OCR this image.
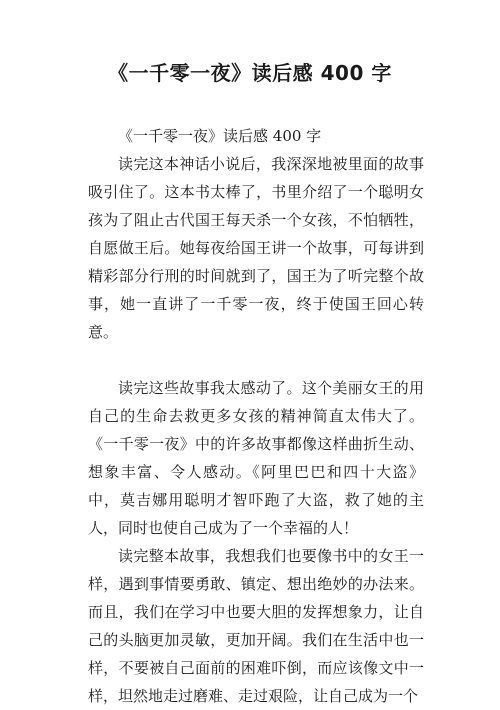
《一千零一夜》读后感 400 字

《一千零一夜》读后感 400 字

读完这本神话小说后，我深深地被里面的故事吸引住了。这本书太棒了，书里介绍了一个聪明女孩为了阻止古代国王每天杀一个女孩，不怕牺牲，自愿做王后。她每夜给国王讲一个故事，可每讲到精彩部分行刑的时间就到了，国王为了听完整个故事，她一直讲了一千零一夜，终于使国王回心转意。

读完这些故事我太感动了。这个美丽女王的用自己的生命去救更多女孩的精神简直太伟大了。《一千零一夜》中的许多故事都像这样曲折生动、想象丰富、令人感动。《阿里巴巴和四十大盗》中，莫吉娜用聪明才智吓跑了大盗，救了她的主人，同时也使自己成为了一个幸福的人！

读完整本故事，我想我们也要像书中的女王一样，遇到事情要勇敢、镇定、想出绝妙的办法来。而且，我们在学习中也要大胆的发挥想象力，让自己的头脑更加灵敏，更加开阔。我们在生活中也一样，不要被自己面前的困难吓倒，而应该像文中一样，坦然地走过磨难、走过艰险，让自己成为一个
